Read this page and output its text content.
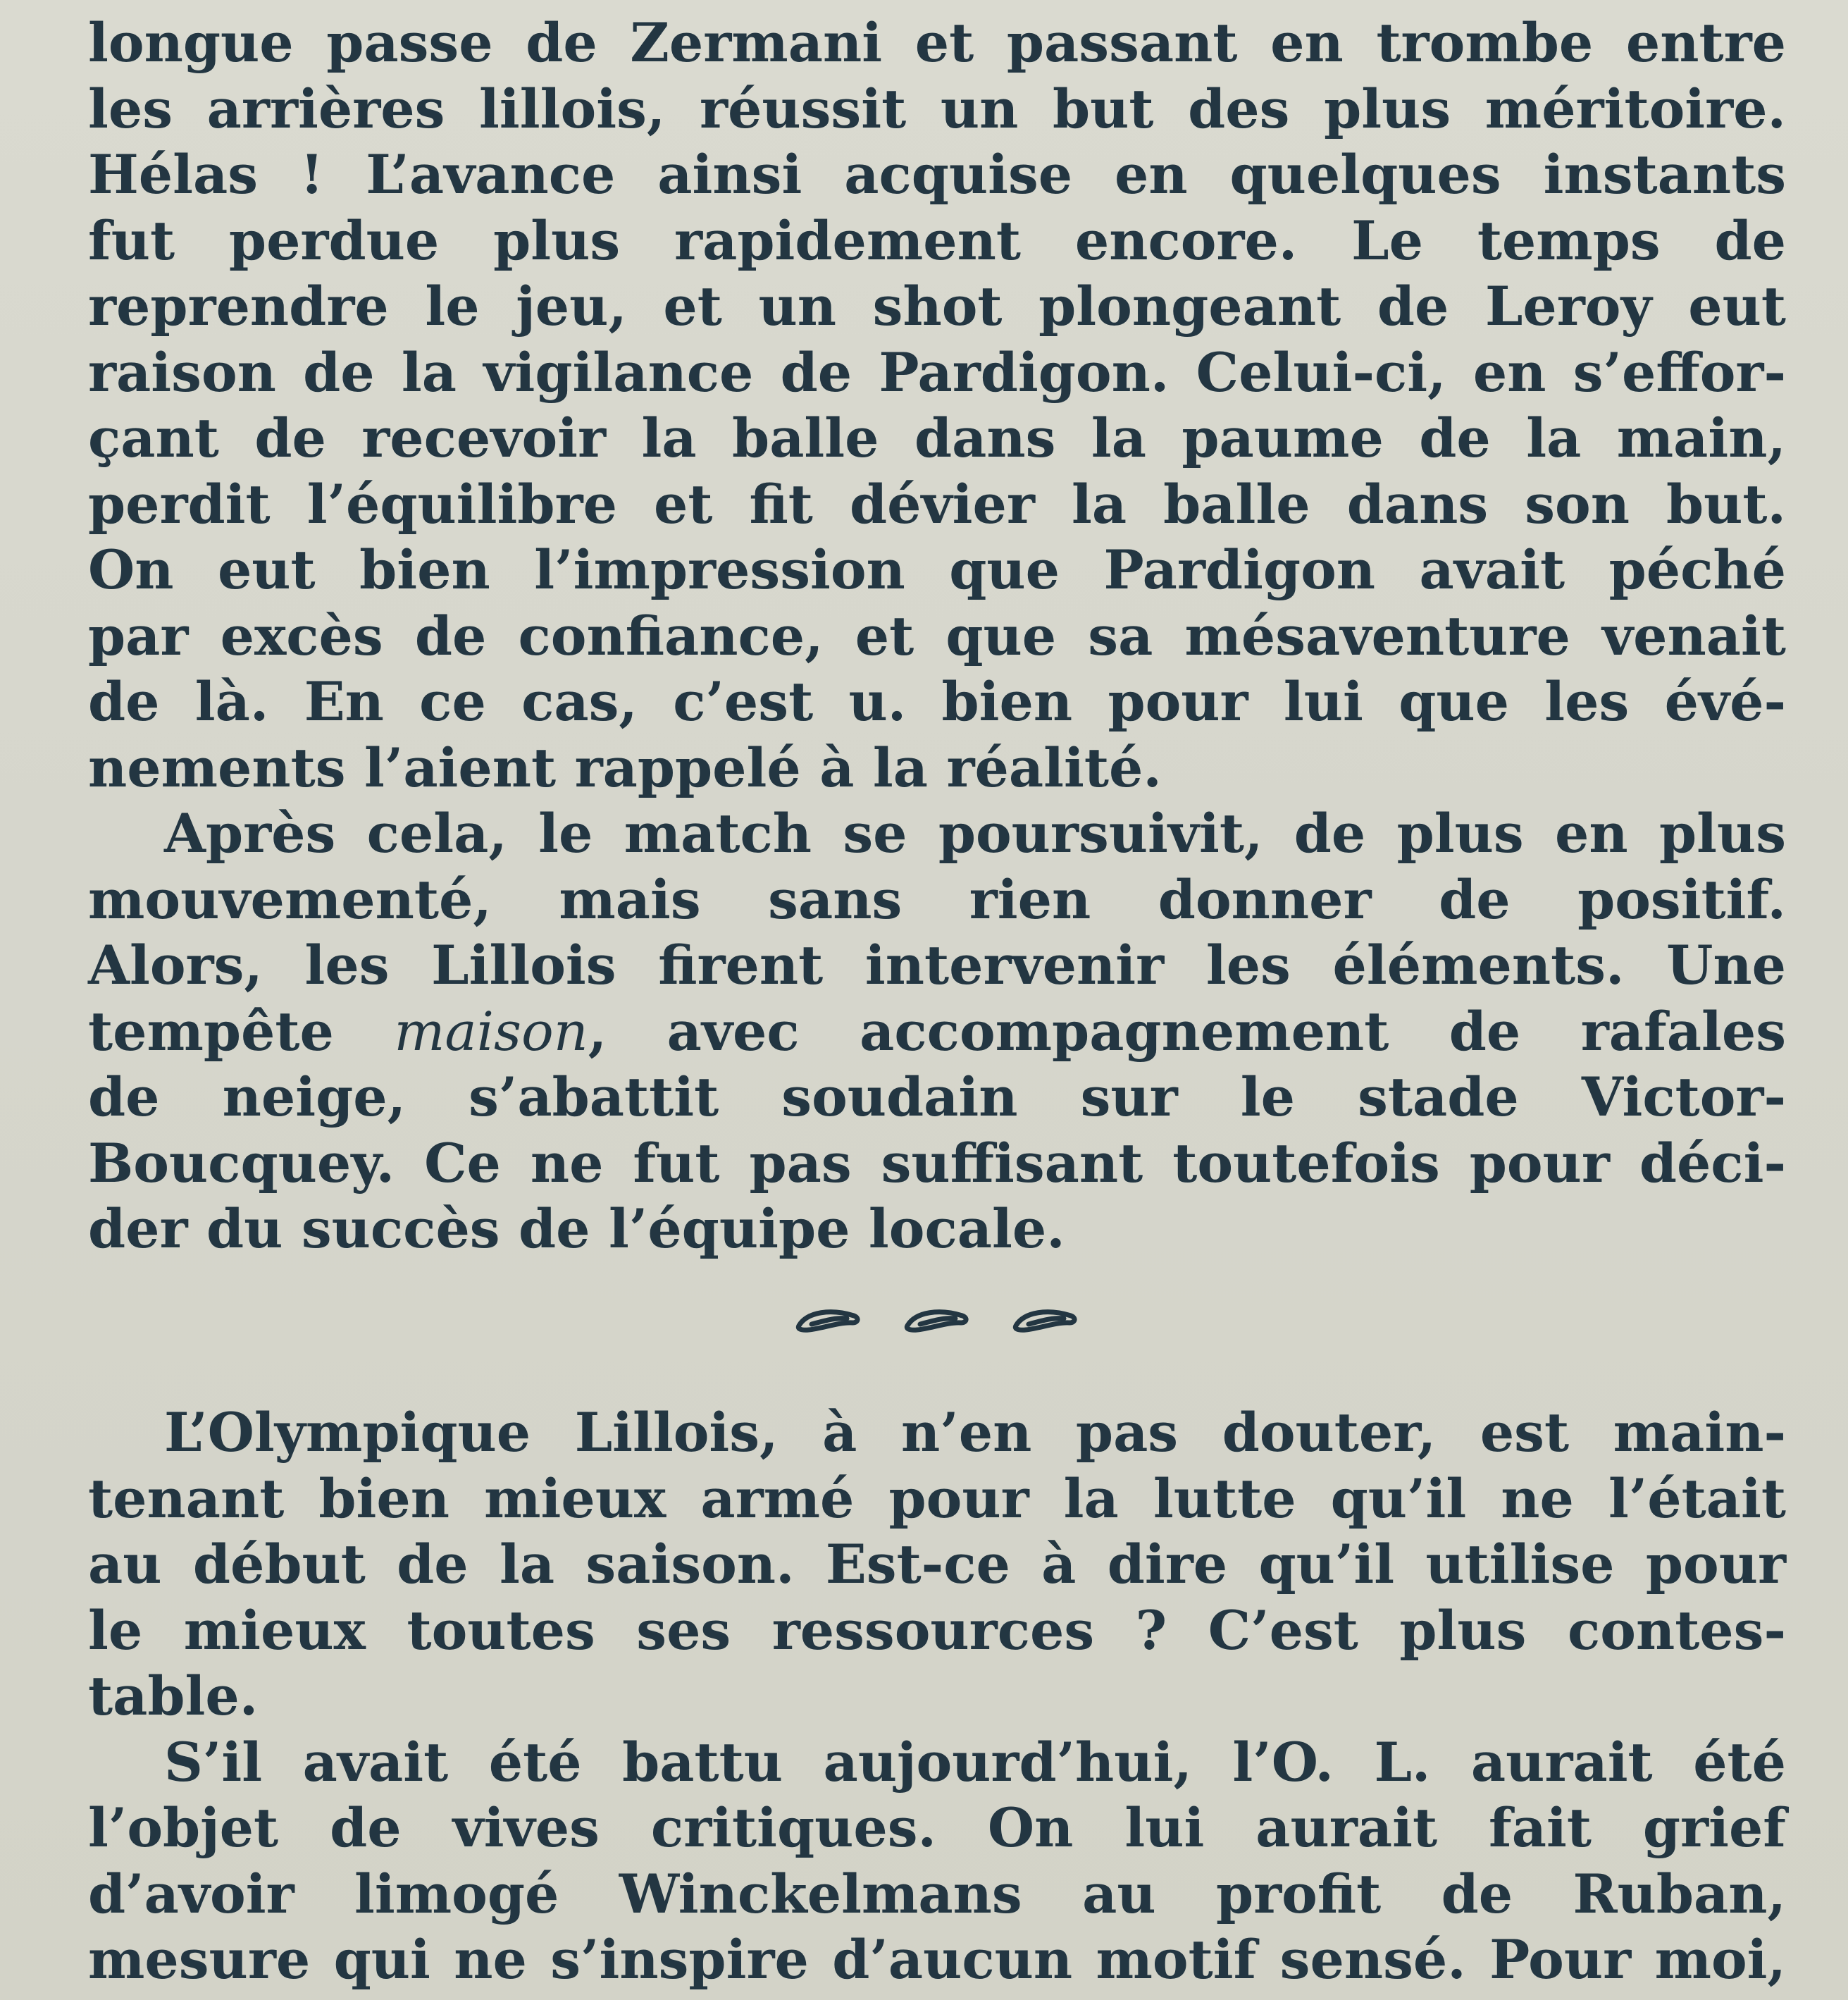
longue passe de Zermani et passant en trombe entre
les arrières lillois, réussit un but des plus méritoire.
Hélas ! L’avance ainsi acquise en quelques instants
fut perdue plus rapidement encore. Le temps de
reprendre le jeu, et un shot plongeant de Leroy eut
raison de la vigilance de Pardigon. Celui-ci, en s’effor-
çant de recevoir la balle dans la paume de la main,
perdit l’équilibre et fit dévier la balle dans son but.
On eut bien l’impression que Pardigon avait péché
par excès de confiance, et que sa mésaventure venait
de là. En ce cas, c’est u. bien pour lui que les évé-
nements l’aient rappelé à la réalité.
Après cela, le match se poursuivit, de plus en plus
mouvementé, mais sans rien donner de positif.
Alors, les Lillois firent intervenir les éléments. Une
tempête maison, avec accompagnement de rafales
de neige, s’abattit soudain sur le stade Victor-
Boucquey. Ce ne fut pas suffisant toutefois pour déci-
der du succès de l’équipe locale.
L’Olympique Lillois, à n’en pas douter, est main-
tenant bien mieux armé pour la lutte qu’il ne l’était
au début de la saison. Est-ce à dire qu’il utilise pour
le mieux toutes ses ressources ? C’est plus contes-
table.
S’il avait été battu aujourd’hui, l’O. L. aurait été
l’objet de vives critiques. On lui aurait fait grief
d’avoir limogé Winckelmans au profit de Ruban,
mesure qui ne s’inspire d’aucun motif sensé. Pour moi,
